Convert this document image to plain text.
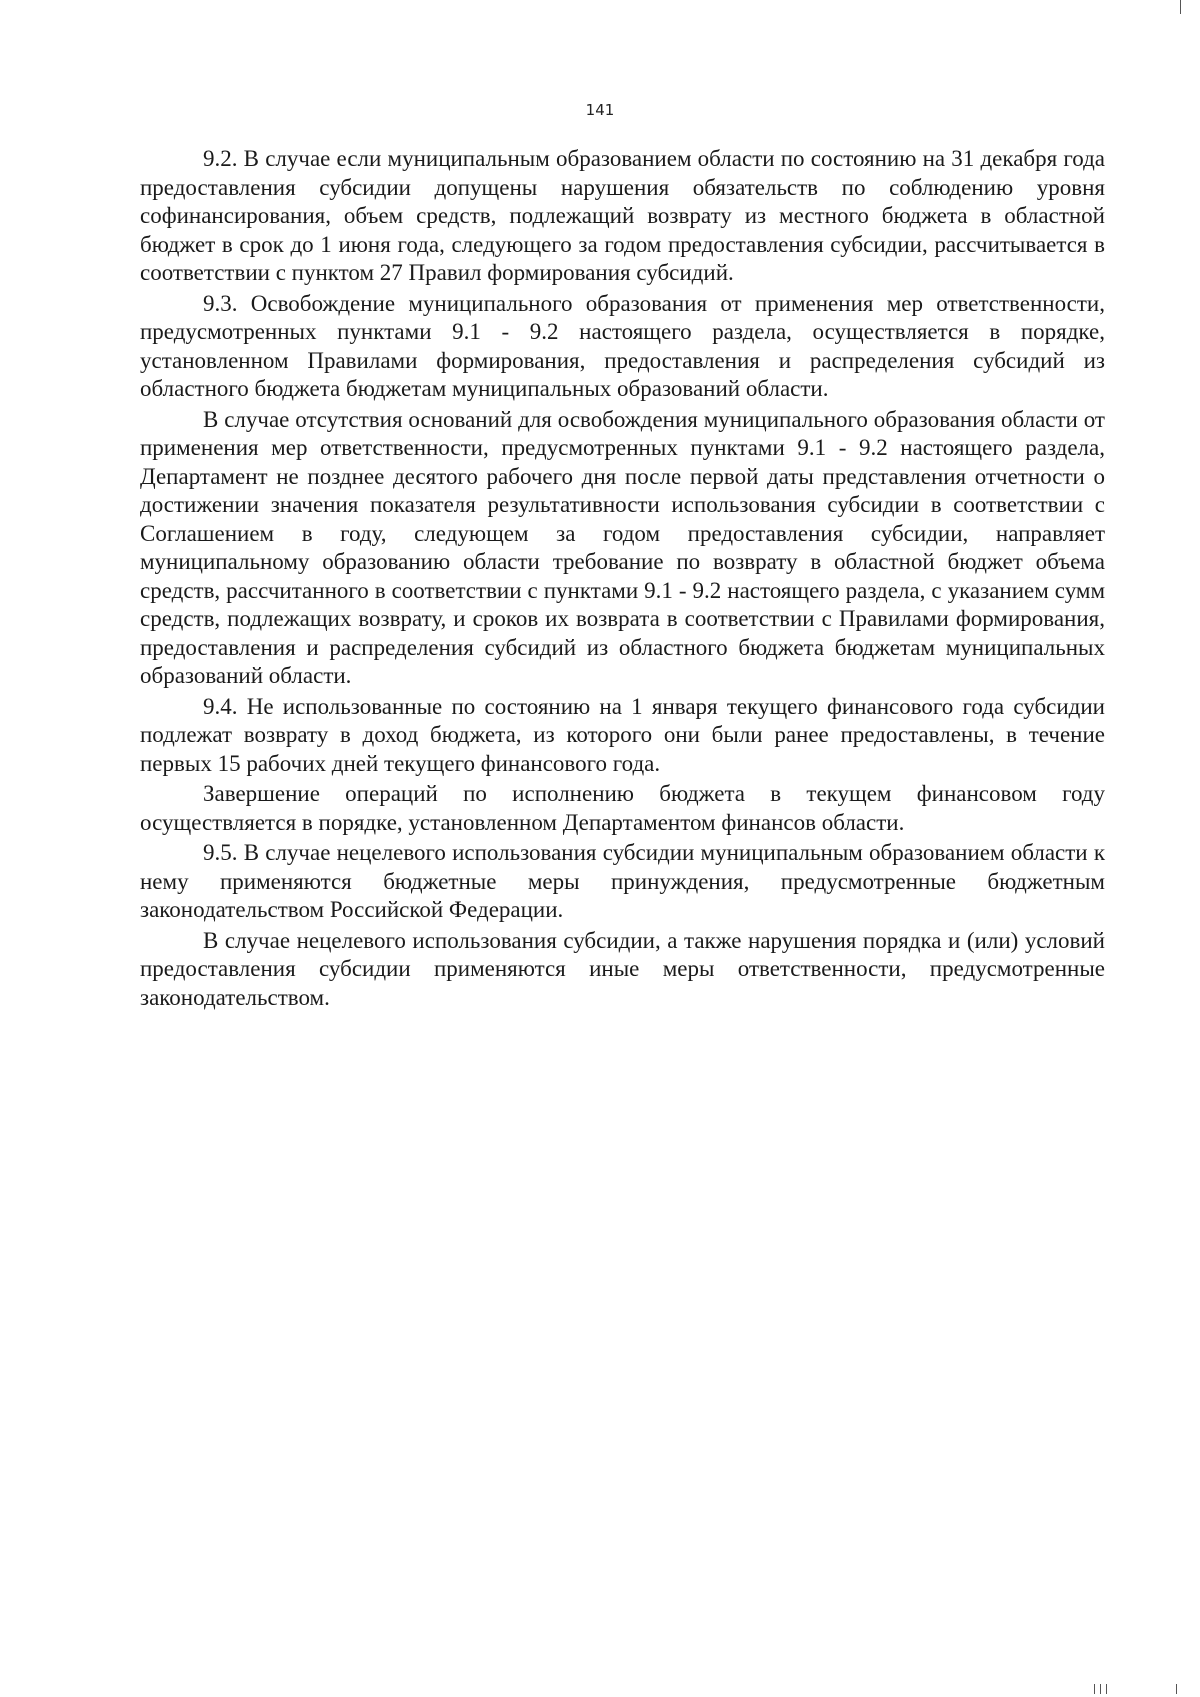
141

9.2. В случае если муниципальным образованием области по состоянию на 31 декабря года предоставления субсидии допущены нарушения обязательств по соблюдению уровня софинансирования, объем средств, подлежащий возврату из местного бюджета в областной бюджет в срок до 1 июня года, следующего за годом предоставления субсидии, рассчитывается в соответствии с пунктом 27 Правил формирования субсидий.

9.3. Освобождение муниципального образования от применения мер ответственности, предусмотренных пунктами 9.1 - 9.2 настоящего раздела, осуществляется в порядке, установленном Правилами формирования, предоставления и распределения субсидий из областного бюджета бюджетам муниципальных образований области.

В случае отсутствия оснований для освобождения муниципального образования области от применения мер ответственности, предусмотренных пунктами 9.1 - 9.2 настоящего раздела, Департамент не позднее десятого рабочего дня после первой даты представления отчетности о достижении значения показателя результативности использования субсидии в соответствии с Соглашением в году, следующем за годом предоставления субсидии, направляет муниципальному образованию области требование по возврату в областной бюджет объема средств, рассчитанного в соответствии с пунктами 9.1 - 9.2 настоящего раздела, с указанием сумм средств, подлежащих возврату, и сроков их возврата в соответствии с Правилами формирования, предоставления и распределения субсидий из областного бюджета бюджетам муниципальных образований области.

9.4. Не использованные по состоянию на 1 января текущего финансового года субсидии подлежат возврату в доход бюджета, из которого они были ранее предоставлены, в течение первых 15 рабочих дней текущего финансового года.

Завершение операций по исполнению бюджета в текущем финансовом году осуществляется в порядке, установленном Департаментом финансов области.

9.5. В случае нецелевого использования субсидии муниципальным образованием области к нему применяются бюджетные меры принуждения, предусмотренные бюджетным законодательством Российской Федерации.

В случае нецелевого использования субсидии, а также нарушения порядка и (или) условий предоставления субсидии применяются иные меры ответственности, предусмотренные законодательством.
